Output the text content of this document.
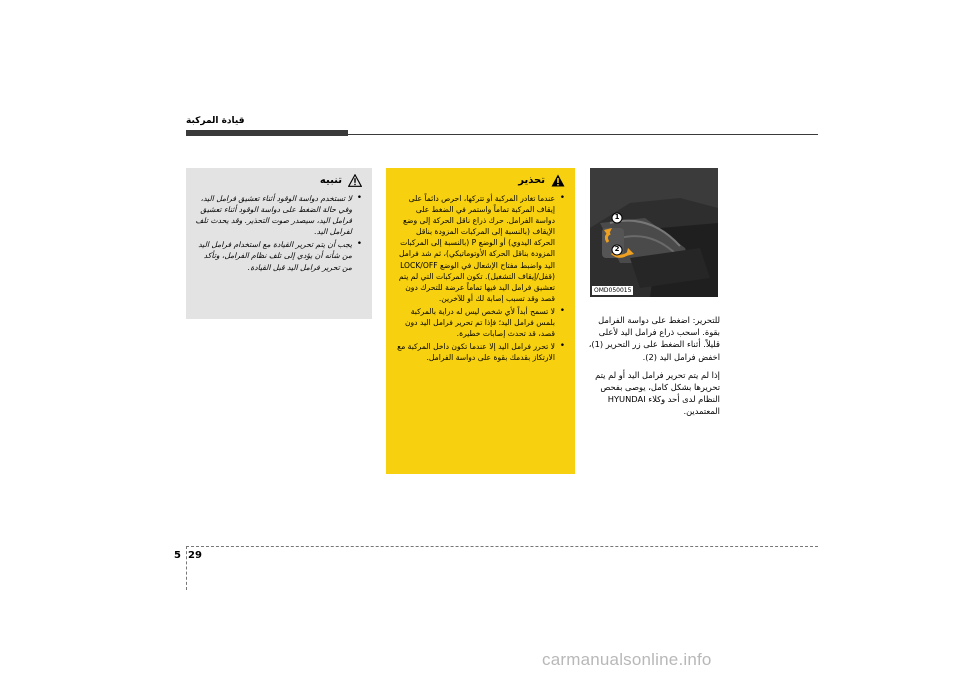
قيادة المركبة
1
2
OMD050015

للتحرير: اضغط على دواسة الفرامل بقوة. اسحب ذراع فرامل اليد لأعلى قليلاً. أثناء الضغط على زر التحرير (1)، اخفض فرامل اليد (2).

إذا لم يتم تحرير فرامل اليد أو لم يتم تحريرها بشكل كامل، يوصى بفحص النظام لدى أحد وكلاء HYUNDAI المعتمدين.

تحذير
• عندما تغادر المركبة أو تتركها، احرص دائماً على إيقاف المركبة تماماً واستمر في الضغط على دواسة الفرامل. حرك ذراع ناقل الحركة إلى وضع الإيقاف (بالنسبة إلى المركبات المزودة بناقل الحركة اليدوي) أو الوضع P (بالنسبة إلى المركبات المزودة بناقل الحركة الأوتوماتيكي)، ثم شد فرامل اليد واضبط مفتاح الإشعال في الوضع LOCK/OFF (قفل/إيقاف التشغيل). تكون المركبات التي لم يتم تعشيق فرامل اليد فيها تماماً عرضة للتحرك دون قصد وقد تسبب إصابة لك أو للآخرين.
• لا تسمح أبداً لأي شخص ليس له دراية بالمركبة بلمس فرامل اليد؛ فإذا تم تحرير فرامل اليد دون قصد، قد تحدث إصابات خطيرة.
• لا تحرر فرامل اليد إلا عندما تكون داخل المركبة مع الارتكاز بقدمك بقوة على دواسة الفرامل.
تنبيه
• لا تستخدم دواسة الوقود أثناء تعشيق فرامل اليد، وفي حالة الضغط على دواسة الوقود أثناء تعشيق فرامل اليد، سيصدر صوت التحذير. وقد يحدث تلف لفرامل اليد.
• يجب أن يتم تحرير القيادة مع استخدام فرامل اليد من شأنه أن يؤدي إلى تلف نظام الفرامل، وتأكد من تحرير فرامل اليد قبل القيادة.
5 29
carmanualsonline.info
